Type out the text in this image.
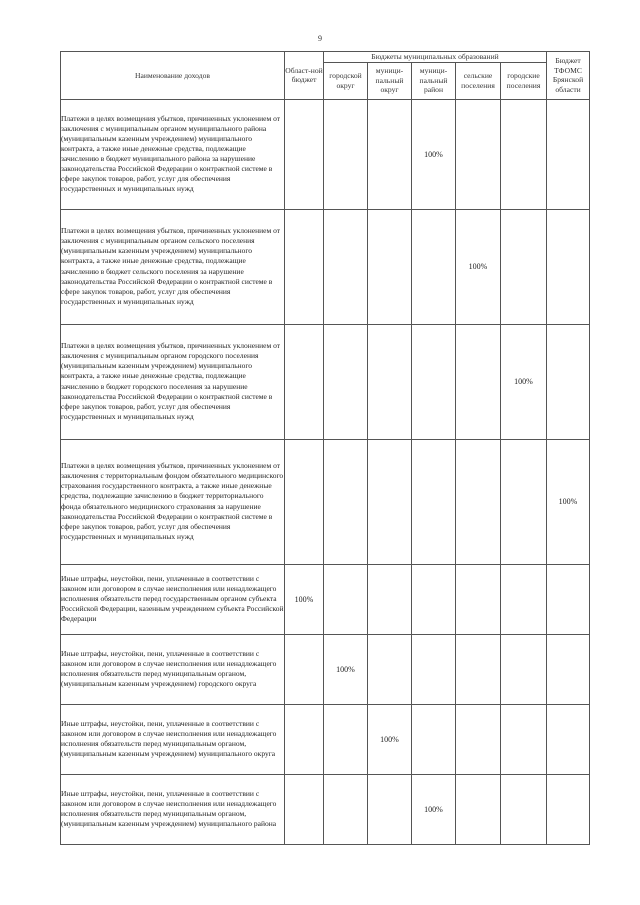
9
Наименование доходов	Област-ной бюджет	Бюджеты муниципальных образований					Бюджет ТФОМС Брянской области
		городской округ	муници-пальный округ	муници-пальный район	сельские поселения	городские поселения	
Платежи в целях возмещения убытков, причиненных уклонением от заключения с муниципальным органом муниципального района (муниципальным казенным учреждением) муниципального контракта, а также иные денежные средства, подлежащие зачислению в бюджет муниципального района за нарушение законодательства Российской Федерации о контрактной системе в сфере закупок товаров, работ, услуг для обеспечения государственных и муниципальных нужд				100%			
Платежи в целях возмещения убытков, причиненных уклонением от заключения с муниципальным органом сельского поселения (муниципальным казенным учреждением) муниципального контракта, а также иные денежные средства, подлежащие зачислению в бюджет сельского поселения за нарушение законодательства Российской Федерации о контрактной системе в сфере закупок товаров, работ, услуг для обеспечения государственных и муниципальных нужд					100%		
Платежи в целях возмещения убытков, причиненных уклонением от заключения с муниципальным органом городского поселения (муниципальным казенным учреждением) муниципального контракта, а также иные денежные средства, подлежащие зачислению в бюджет городского поселения за нарушение законодательства Российской Федерации о контрактной системе в сфере закупок товаров, работ, услуг для обеспечения государственных и муниципальных нужд						100%	
Платежи в целях возмещения убытков, причиненных уклонением от заключения с территориальным фондом обязательного медицинского страхования государственного контракта, а также иные денежные средства, подлежащие зачислению в бюджет территориального фонда обязательного медицинского страхования за нарушение законодательства Российской Федерации о контрактной системе в сфере закупок товаров, работ, услуг для обеспечения государственных и муниципальных нужд							100%
Иные штрафы, неустойки, пени, уплаченные в соответствии с законом или договором в случае неисполнения или ненадлежащего исполнения обязательств перед государственным органом субъекта Российской Федерации, казенным учреждением субъекта Российской Федерации	100%						
Иные штрафы, неустойки, пени, уплаченные в соответствии с законом или договором в случае неисполнения или ненадлежащего исполнения обязательств перед муниципальным органом, (муниципальным казенным учреждением) городского округа		100%					
Иные штрафы, неустойки, пени, уплаченные в соответствии с законом или договором в случае неисполнения или ненадлежащего исполнения обязательств перед муниципальным органом, (муниципальным казенным учреждением) муниципального округа			100%				
Иные штрафы, неустойки, пени, уплаченные в соответствии с законом или договором в случае неисполнения или ненадлежащего исполнения обязательств перед муниципальным органом, (муниципальным казенным учреждением) муниципального района				100%			
